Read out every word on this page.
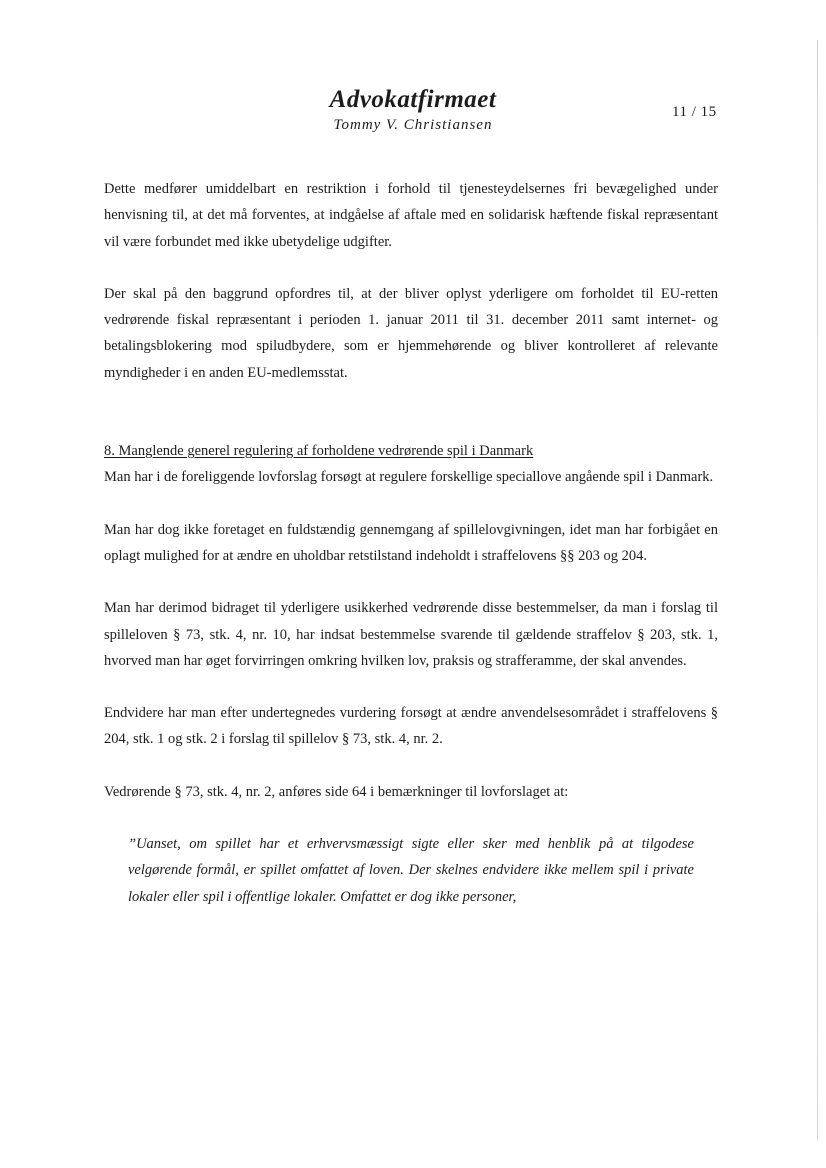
Advokatfirmaet
Tommy V. Christiansen
11 / 15

Dette medfører umiddelbart en restriktion i forhold til tjenesteydelsernes fri bevægelighed under henvisning til, at det må forventes, at indgåelse af aftale med en solidarisk hæftende fiskal repræsentant vil være forbundet med ikke ubetydelige udgifter.

Der skal på den baggrund opfordres til, at der bliver oplyst yderligere om forholdet til EU-retten vedrørende fiskal repræsentant i perioden 1. januar 2011 til 31. december 2011 samt internet- og betalingsblokering mod spiludbydere, som er hjemmehørende og bliver kontrolleret af relevante myndigheder i en anden EU-medlemsstat.

8. Manglende generel regulering af forholdene vedrørende spil i Danmark

Man har i de foreliggende lovforslag forsøgt at regulere forskellige speciallove angående spil i Danmark.

Man har dog ikke foretaget en fuldstændig gennemgang af spillelovgivningen, idet man har forbigået en oplagt mulighed for at ændre en uholdbar retstilstand indeholdt i straffelovens §§ 203 og 204.

Man har derimod bidraget til yderligere usikkerhed vedrørende disse bestemmelser, da man i forslag til spilleloven § 73, stk. 4, nr. 10, har indsat bestemmelse svarende til gældende straffelov § 203, stk. 1, hvorved man har øget forvirringen omkring hvilken lov, praksis og strafferamme, der skal anvendes.

Endvidere har man efter undertegnedes vurdering forsøgt at ændre anvendelsesområdet i straffelovens § 204, stk. 1 og stk. 2 i forslag til spillelov § 73, stk. 4, nr. 2.

Vedrørende § 73, stk. 4, nr. 2, anføres side 64 i bemærkninger til lovforslaget at:

”Uanset, om spillet har et erhvervsmæssigt sigte eller sker med henblik på at tilgodese velgørende formål, er spillet omfattet af loven. Der skelnes endvidere ikke mellem spil i private lokaler eller spil i offentlige lokaler. Omfattet er dog ikke personer,
